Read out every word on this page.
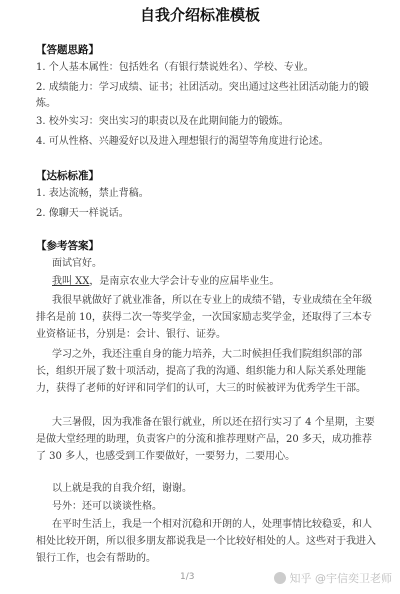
自我介绍标准模板
【答题思路】
1. 个人基本属性：包括姓名（有银行禁说姓名）、学校、专业。
2. 成绩能力：学习成绩、证书；社团活动。突出通过这些社团活动能力的锻炼。
3. 校外实习：突出实习的职责以及在此期间能力的锻炼。
4. 可从性格、兴趣爱好以及进入理想银行的渴望等角度进行论述。
【达标标准】
1. 表达流畅，禁止背稿。
2. 像聊天一样说话。
【参考答案】
面试官好。
我叫 XX，是南京农业大学会计专业的应届毕业生。
我很早就做好了就业准备，所以在专业上的成绩不错，专业成绩在全年级排名是前 10，获得二次一等奖学金，一次国家励志奖学金，还取得了三本专业资格证书，分别是：会计、银行、证券。
学习之外，我还注重自身的能力培养，大二时候担任我们院组织部的部长，组织开展了数十项活动，提高了我的沟通、组织能力和人际关系处理能力，获得了老师的好评和同学们的认可，大三的时候被评为优秀学生干部。
大三暑假，因为我准备在银行就业，所以还在招行实习了 4 个星期，主要是做大堂经理的助理，负责客户的分流和推荐理财产品，20 多天，成功推荐了 30 多人，也感受到工作要做好，一要努力，二要用心。
以上就是我的自我介绍，谢谢。
号外：还可以谈谈性格。
在平时生活上，我是一个相对沉稳和开朗的人，处理事情比较稳妥，和人相处比较开朗，所以很多朋友都说我是一个比较好相处的人。这些对于我进入银行工作，也会有帮助的。
1/3	知乎 @宇信奕卫老师
